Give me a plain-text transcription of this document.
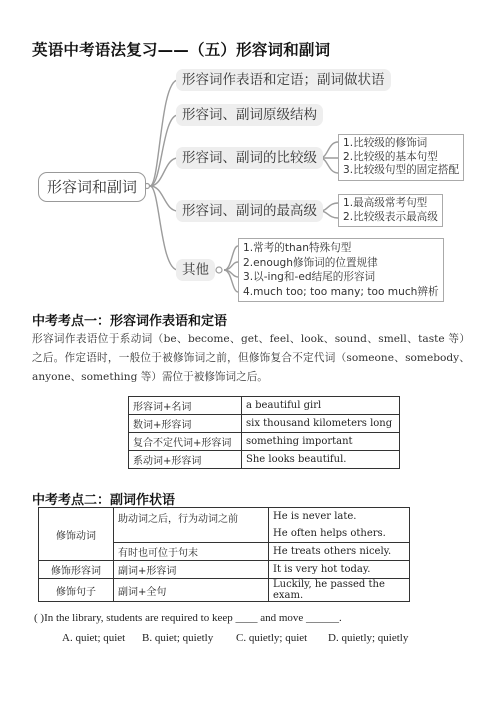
英语中考语法复习——（五）形容词和副词
形容词和副词
形容词作表语和定语；副词做状语
形容词、副词原级结构
形容词、副词的比较级
形容词、副词的最高级
其他
1.比较级的修饰词
2.比较级的基本句型
3.比较级句型的固定搭配
1.最高级常考句型
2.比较级表示最高级
1.常考的than特殊句型
2.enough修饰词的位置规律
3.以-ing和-ed结尾的形容词
4.much too; too many; too much辨析
中考考点一：形容词作表语和定语
形容词作表语位于系动词（be、become、get、feel、look、sound、smell、taste 等）之后。作定语时，一般位于被修饰词之前，但修饰复合不定代词（someone、somebody、anyone、something 等）需位于被修饰词之后。
形容词+名词	a beautiful girl
数词+形容词	six thousand kilometers long
复合不定代词+形容词	something important
系动词+形容词	She looks beautiful.
中考考点二：副词作状语
修饰动词	助动词之后，行为动词之前	He is never late.
		He often helps others.
	有时也可位于句末	He treats others nicely.
修饰形容词	副词+形容词	It is very hot today.
修饰句子	副词+全句	Luckily, he passed the exam.
( )In the library, students are required to keep ____ and move ______.
A. quiet; quiet B. quiet; quietly C. quietly; quiet D. quietly; quietly
